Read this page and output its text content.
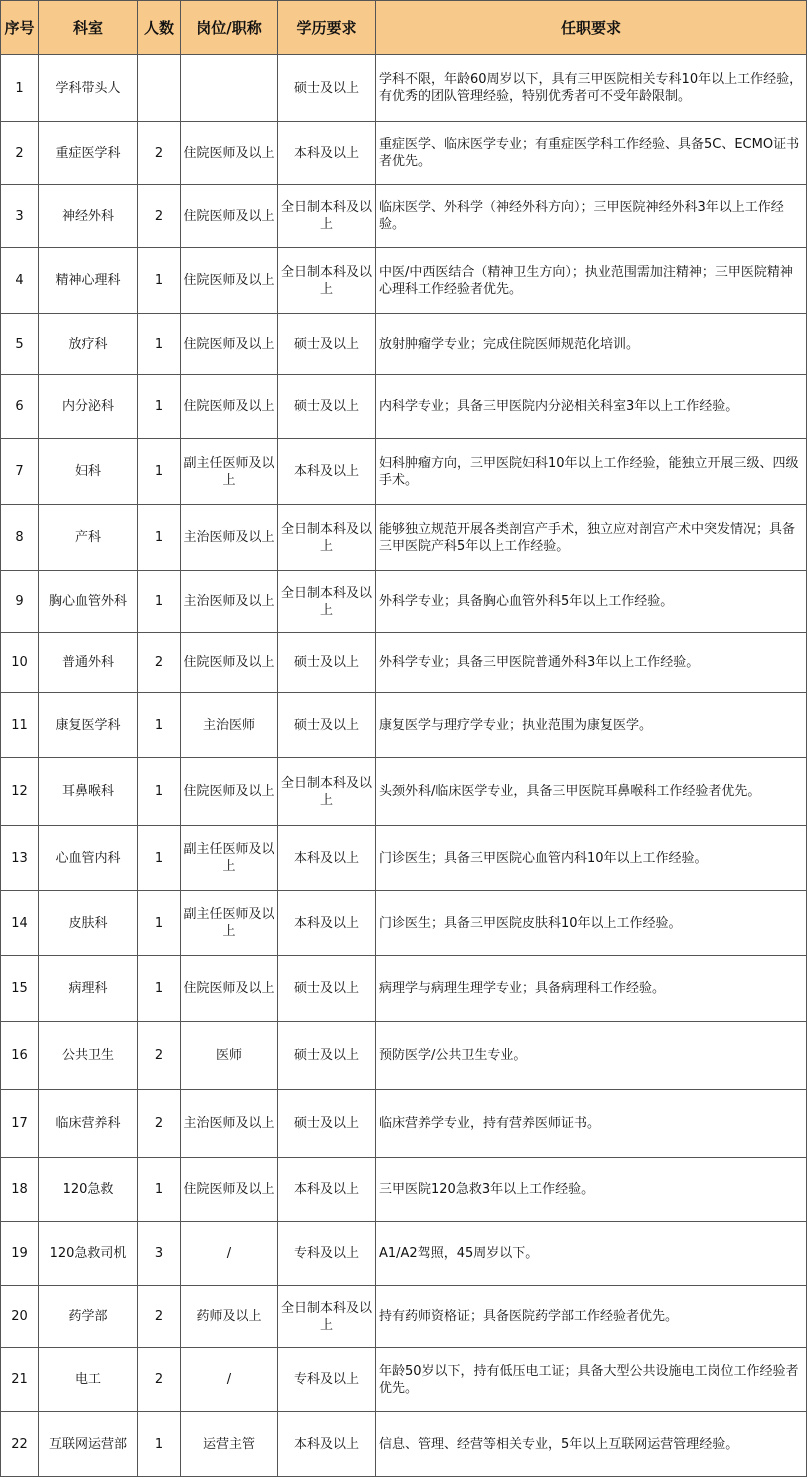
序号	科室	人数	岗位/职称	学历要求	任职要求
1	学科带头人			硕士及以上	学科不限，年龄60周岁以下，具有三甲医院相关专科10年以上工作经验，有优秀的团队管理经验，特别优秀者可不受年龄限制。
2	重症医学科	2	住院医师及以上	本科及以上	重症医学、临床医学专业；有重症医学科工作经验、具备5C、ECMO证书者优先。
3	神经外科	2	住院医师及以上	全日制本科及以上	临床医学、外科学（神经外科方向）；三甲医院神经外科3年以上工作经验。
4	精神心理科	1	住院医师及以上	全日制本科及以上	中医/中西医结合（精神卫生方向）；执业范围需加注精神；三甲医院精神心理科工作经验者优先。
5	放疗科	1	住院医师及以上	硕士及以上	放射肿瘤学专业；完成住院医师规范化培训。
6	内分泌科	1	住院医师及以上	硕士及以上	内科学专业；具备三甲医院内分泌相关科室3年以上工作经验。
7	妇科	1	副主任医师及以上	本科及以上	妇科肿瘤方向，三甲医院妇科10年以上工作经验，能独立开展三级、四级手术。
8	产科	1	主治医师及以上	全日制本科及以上	能够独立规范开展各类剖宫产手术，独立应对剖宫产术中突发情况；具备三甲医院产科5年以上工作经验。
9	胸心血管外科	1	主治医师及以上	全日制本科及以上	外科学专业；具备胸心血管外科5年以上工作经验。
10	普通外科	2	住院医师及以上	硕士及以上	外科学专业；具备三甲医院普通外科3年以上工作经验。
11	康复医学科	1	主治医师	硕士及以上	康复医学与理疗学专业；执业范围为康复医学。
12	耳鼻喉科	1	住院医师及以上	全日制本科及以上	头颈外科/临床医学专业，具备三甲医院耳鼻喉科工作经验者优先。
13	心血管内科	1	副主任医师及以上	本科及以上	门诊医生；具备三甲医院心血管内科10年以上工作经验。
14	皮肤科	1	副主任医师及以上	本科及以上	门诊医生；具备三甲医院皮肤科10年以上工作经验。
15	病理科	1	住院医师及以上	硕士及以上	病理学与病理生理学专业；具备病理科工作经验。
16	公共卫生	2	医师	硕士及以上	预防医学/公共卫生专业。
17	临床营养科	2	主治医师及以上	硕士及以上	临床营养学专业，持有营养医师证书。
18	120急救	1	住院医师及以上	本科及以上	三甲医院120急救3年以上工作经验。
19	120急救司机	3	/	专科及以上	A1/A2驾照，45周岁以下。
20	药学部	2	药师及以上	全日制本科及以上	持有药师资格证；具备医院药学部工作经验者优先。
21	电工	2	/	专科及以上	年龄50岁以下，持有低压电工证；具备大型公共设施电工岗位工作经验者优先。
22	互联网运营部	1	运营主管	本科及以上	信息、管理、经营等相关专业，5年以上互联网运营管理经验。
